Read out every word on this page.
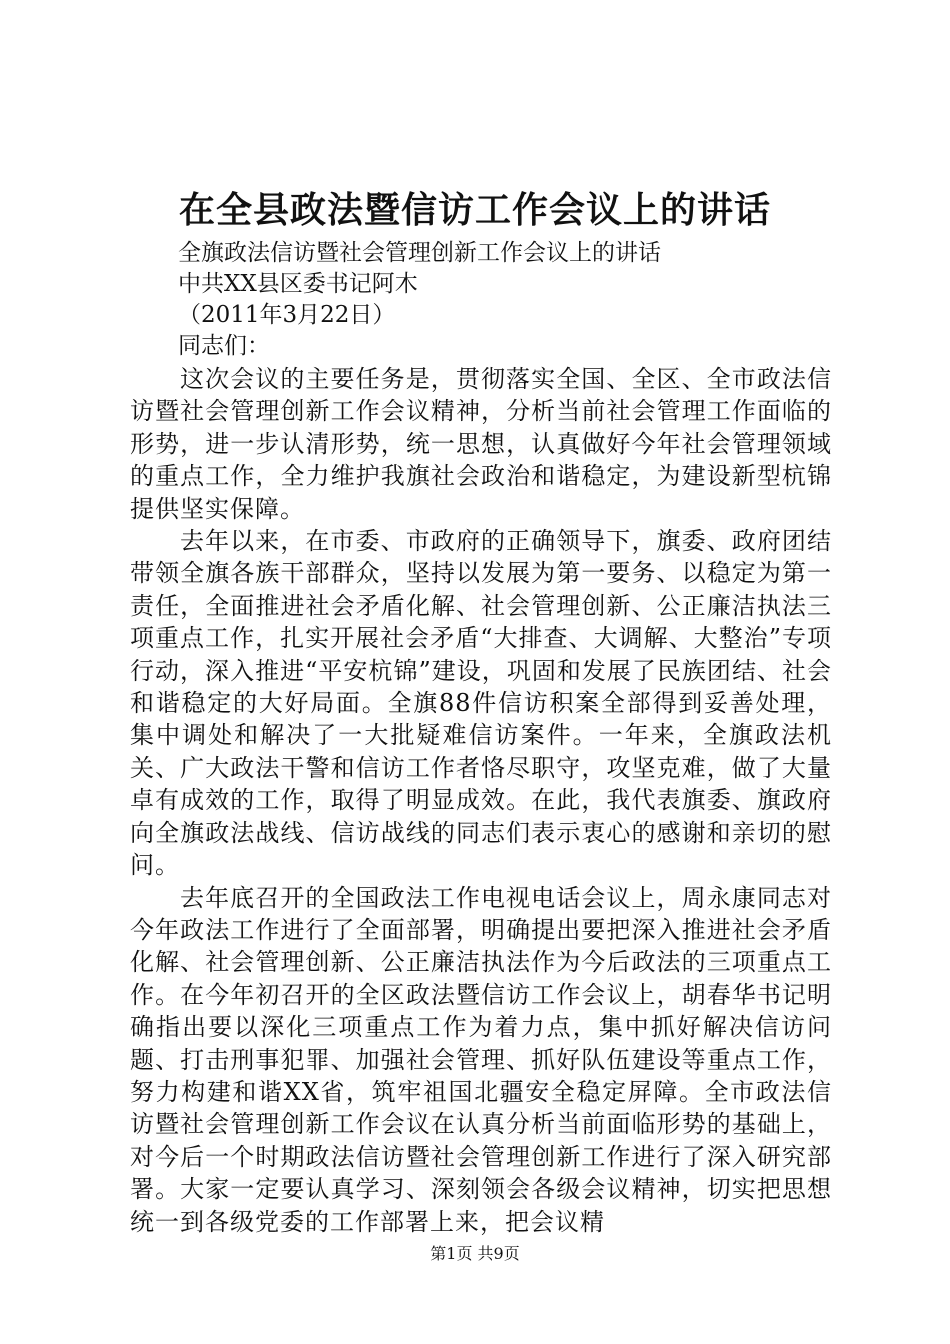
在全县政法暨信访工作会议上的讲话
全旗政法信访暨社会管理创新工作会议上的讲话
中共XX县区委书记阿木
（2011年3月22日）
同志们：

这次会议的主要任务是，贯彻落实全国、全区、全市政法信访暨社会管理创新工作会议精神，分析当前社会管理工作面临的形势，进一步认清形势，统一思想，认真做好今年社会管理领域的重点工作，全力维护我旗社会政治和谐稳定，为建设新型杭锦提供坚实保障。

去年以来，在市委、市政府的正确领导下，旗委、政府团结带领全旗各族干部群众，坚持以发展为第一要务、以稳定为第一责任，全面推进社会矛盾化解、社会管理创新、公正廉洁执法三项重点工作，扎实开展社会矛盾“大排查、大调解、大整治”专项行动，深入推进“平安杭锦”建设，巩固和发展了民族团结、社会和谐稳定的大好局面。全旗88件信访积案全部得到妥善处理，集中调处和解决了一大批疑难信访案件。一年来，全旗政法机关、广大政法干警和信访工作者恪尽职守，攻坚克难，做了大量卓有成效的工作，取得了明显成效。在此，我代表旗委、旗政府向全旗政法战线、信访战线的同志们表示衷心的感谢和亲切的慰问。

去年底召开的全国政法工作电视电话会议上，周永康同志对今年政法工作进行了全面部署，明确提出要把深入推进社会矛盾化解、社会管理创新、公正廉洁执法作为今后政法的三项重点工作。在今年初召开的全区政法暨信访工作会议上，胡春华书记明确指出要以深化三项重点工作为着力点，集中抓好解决信访问题、打击刑事犯罪、加强社会管理、抓好队伍建设等重点工作，努力构建和谐XX省，筑牢祖国北疆安全稳定屏障。全市政法信访暨社会管理创新工作会议在认真分析当前面临形势的基础上，对今后一个时期政法信访暨社会管理创新工作进行了深入研究部署。大家一定要认真学习、深刻领会各级会议精神，切实把思想统一到各级党委的工作部署上来，把会议精

第1页 共9页
